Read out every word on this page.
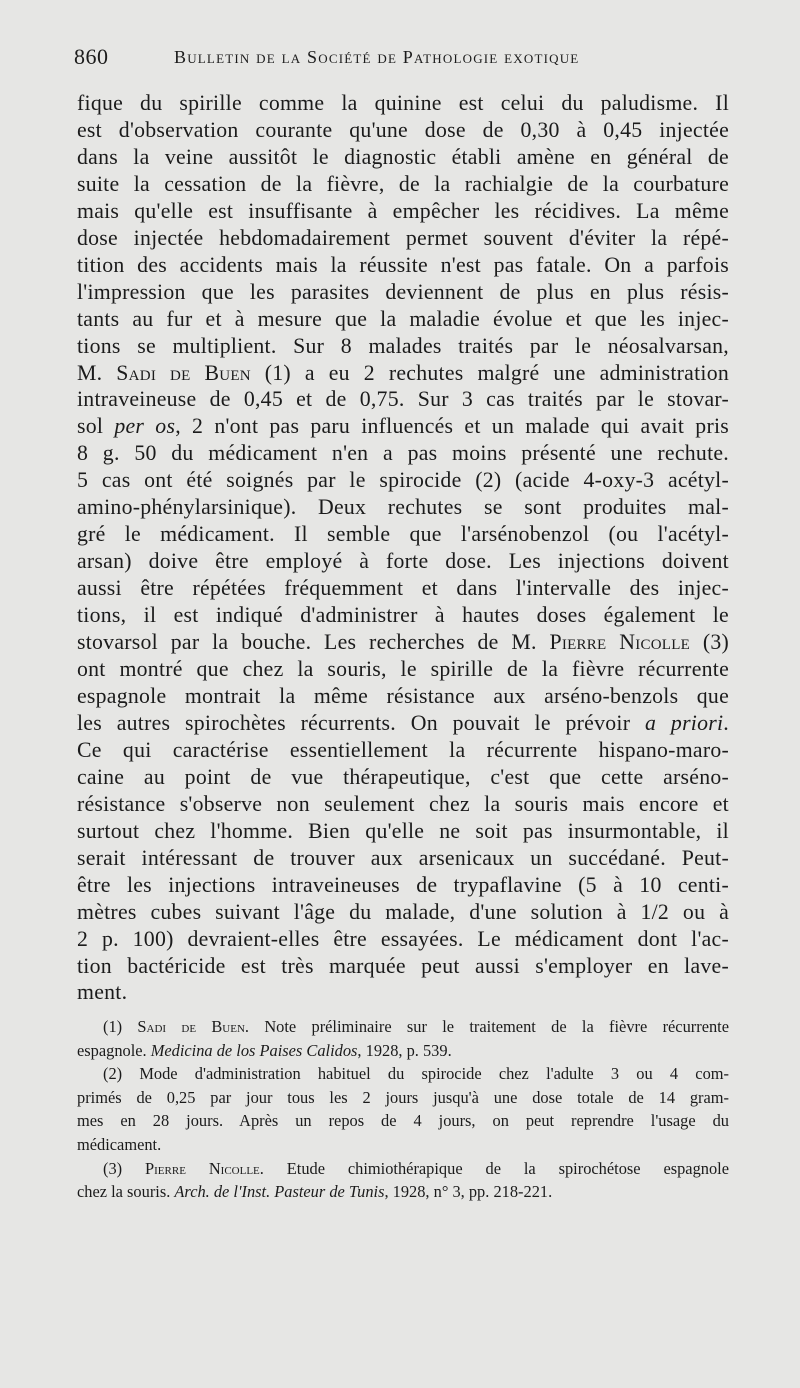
860	Bulletin de la Société de Pathologie exotique
fique du spirille comme la quinine est celui du paludisme. Il
est d'observation courante qu'une dose de 0,30 à 0,45 injectée
dans la veine aussitôt le diagnostic établi amène en général de
suite la cessation de la fièvre, de la rachialgie de la courbature
mais qu'elle est insuffisante à empêcher les récidives. La même
dose injectée hebdomadairement permet souvent d'éviter la répé-
tition des accidents mais la réussite n'est pas fatale. On a parfois
l'impression que les parasites deviennent de plus en plus résis-
tants au fur et à mesure que la maladie évolue et que les injec-
tions se multiplient. Sur 8 malades traités par le néosalvarsan,
M. Sadi de Buen (1) a eu 2 rechutes malgré une administration
intraveineuse de 0,45 et de 0,75. Sur 3 cas traités par le stovar-
sol per os, 2 n'ont pas paru influencés et un malade qui avait pris
8 g. 50 du médicament n'en a pas moins présenté une rechute.
5 cas ont été soignés par le spirocide (2) (acide 4-oxy-3 acétyl-
amino-phénylarsinique). Deux rechutes se sont produites mal-
gré le médicament. Il semble que l'arsénobenzol (ou l'acétyl-
arsan) doive être employé à forte dose. Les injections doivent
aussi être répétées fréquemment et dans l'intervalle des injec-
tions, il est indiqué d'administrer à hautes doses également le
stovarsol par la bouche. Les recherches de M. Pierre Nicolle (3)
ont montré que chez la souris, le spirille de la fièvre récurrente
espagnole montrait la même résistance aux arséno-benzols que
les autres spirochètes récurrents. On pouvait le prévoir a priori.
Ce qui caractérise essentiellement la récurrente hispano-maro-
caine au point de vue thérapeutique, c'est que cette arséno-
résistance s'observe non seulement chez la souris mais encore et
surtout chez l'homme. Bien qu'elle ne soit pas insurmontable, il
serait intéressant de trouver aux arsenicaux un succédané. Peut-
être les injections intraveineuses de trypaflavine (5 à 10 centi-
mètres cubes suivant l'âge du malade, d'une solution à 1/2 ou à
2 p. 100) devraient-elles être essayées. Le médicament dont l'ac-
tion bactéricide est très marquée peut aussi s'employer en lave-
ment.
(1) Sadi de Buen. Note préliminaire sur le traitement de la fièvre récurrente
espagnole. Medicina de los Paises Calidos, 1928, p. 539.
(2) Mode d'administration habituel du spirocide chez l'adulte 3 ou 4 com-
primés de 0,25 par jour tous les 2 jours jusqu'à une dose totale de 14 gram-
mes en 28 jours. Après un repos de 4 jours, on peut reprendre l'usage du
médicament.
(3) Pierre Nicolle. Etude chimiothérapique de la spirochétose espagnole
chez la souris. Arch. de l'Inst. Pasteur de Tunis, 1928, n° 3, pp. 218-221.
